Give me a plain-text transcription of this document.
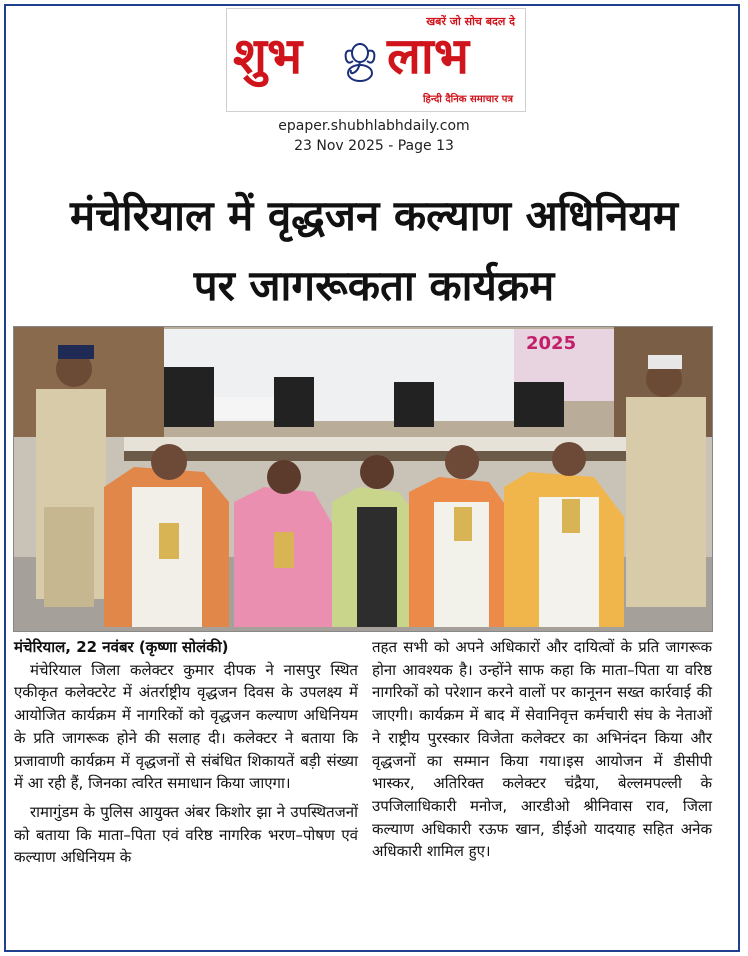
खबरें जो सोच बदल दे
शुभ लाभ
हिन्दी दैनिक समाचार पत्र
epaper.shubhlabhdaily.com
23 Nov 2025 - Page 13
मंचेरियाल में वृद्धजन कल्याण अधिनियम
पर जागरूकता कार्यक्रम
2025

मंचेरियाल, 22 नवंबर (कृष्णा सोलंकी)

मंचेरियाल जिला कलेक्टर कुमार दीपक ने नासपुर स्थित एकीकृत कलेक्टरेट में अंतर्राष्ट्रीय वृद्धजन दिवस के उपलक्ष्य में आयोजित कार्यक्रम में नागरिकों को वृद्धजन कल्याण अधिनियम के प्रति जागरूक होने की सलाह दी। कलेक्टर ने बताया कि प्रजावाणी कार्यक्रम में वृद्धजनों से संबंधित शिकायतें बड़ी संख्या में आ रही हैं, जिनका त्वरित समाधान किया जाएगा।

रामागुंडम के पुलिस आयुक्त अंबर किशोर झा ने उपस्थितजनों को बताया कि माता–पिता एवं वरिष्ठ नागरिक भरण–पोषण एवं कल्याण अधिनियम के

तहत सभी को अपने अधिकारों और दायित्वों के प्रति जागरूक होना आवश्यक है। उन्होंने साफ कहा कि माता–पिता या वरिष्ठ नागरिकों को परेशान करने वालों पर कानूनन सख्त कार्रवाई की जाएगी। कार्यक्रम में बाद में सेवानिवृत्त कर्मचारी संघ के नेताओं ने राष्ट्रीय पुरस्कार विजेता कलेक्टर का अभिनंदन किया और वृद्धजनों का सम्मान किया गया।इस आयोजन में डीसीपी भास्कर, अतिरिक्त कलेक्टर चंद्रैया, बेल्लमपल्ली के उपजिलाधिकारी मनोज, आरडीओ श्रीनिवास राव, जिला कल्याण अधिकारी रऊफ खान, डीईओ यादयाह सहित अनेक अधिकारी शामिल हुए।
